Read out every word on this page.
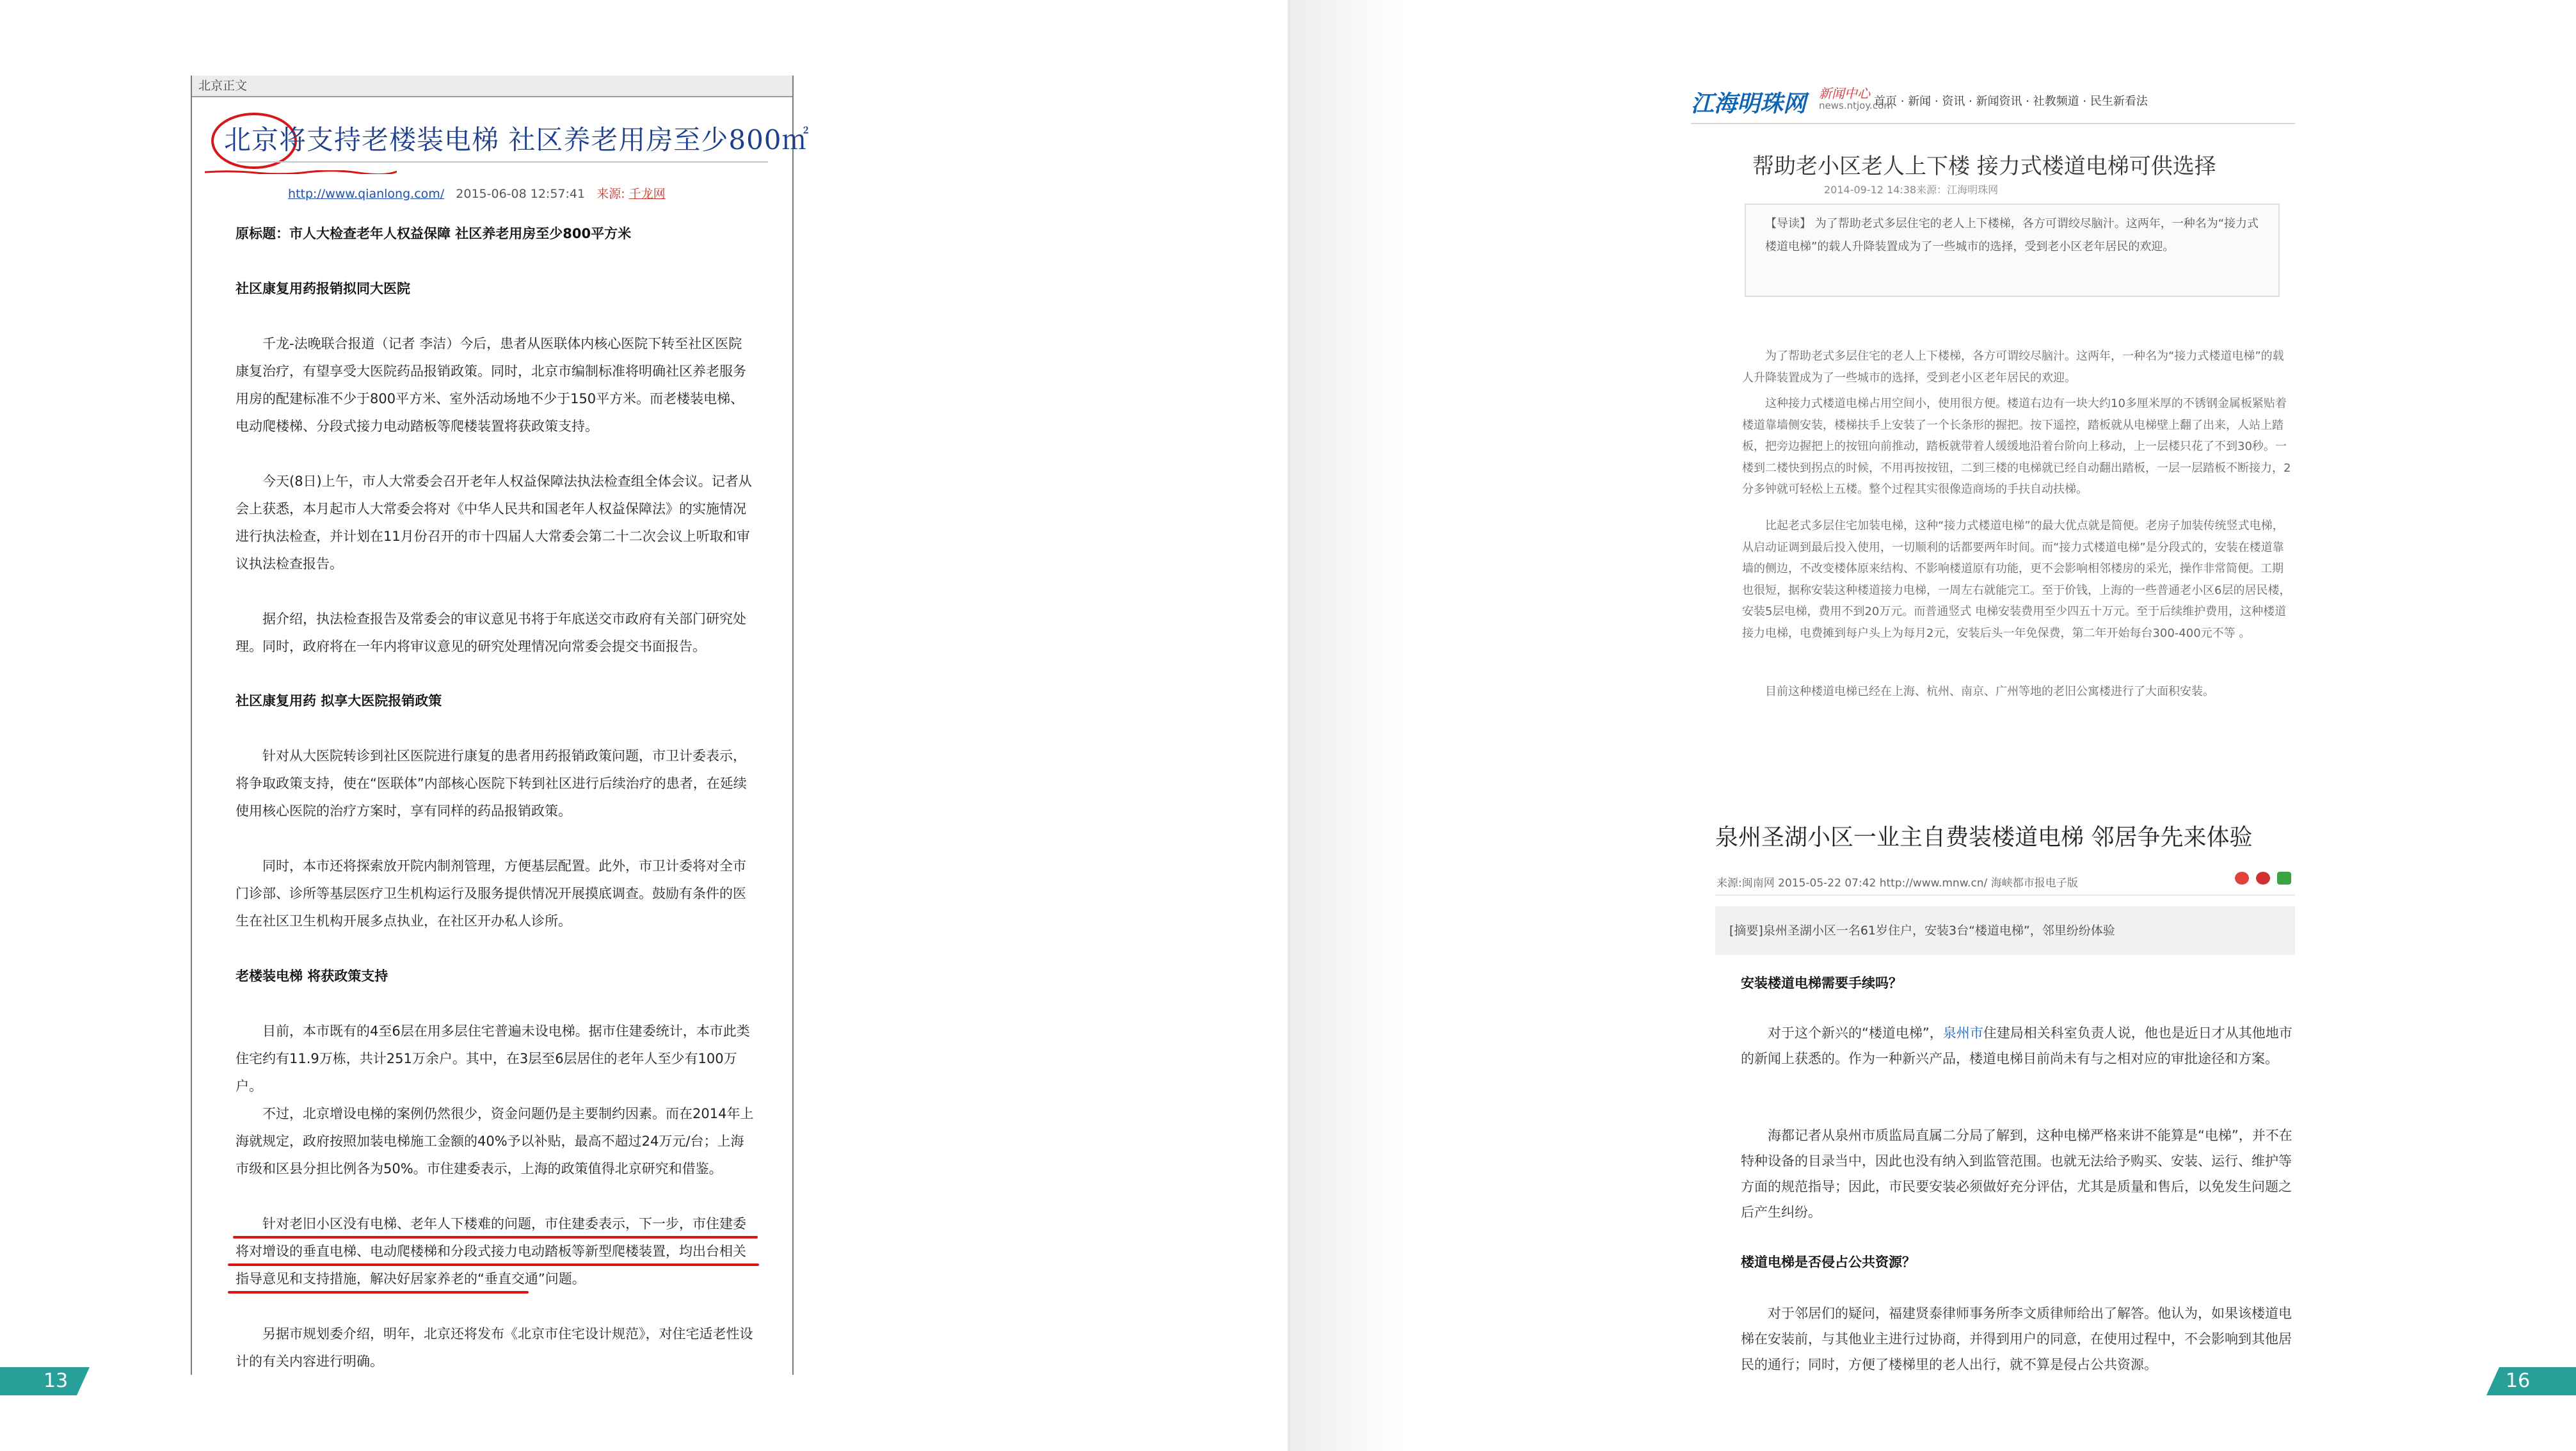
北京正文
北京将支持老楼装电梯 社区养老用房至少800㎡
http://www.qianlong.com/ 2015-06-08 12:57:41 来源: 千龙网
原标题：市人大检查老年人权益保障 社区养老用房至少800平方米
社区康复用药报销拟同大医院
千龙-法晚联合报道（记者 李洁）今后，患者从医联体内核心医院下转至社区医院康复治疗，有望享受大医院药品报销政策。同时，北京市编制标准将明确社区养老服务用房的配建标准不少于800平方米、室外活动场地不少于150平方米。而老楼装电梯、电动爬楼梯、分段式接力电动踏板等爬楼装置将获政策支持。
今天(8日)上午，市人大常委会召开老年人权益保障法执法检查组全体会议。记者从会上获悉，本月起市人大常委会将对《中华人民共和国老年人权益保障法》的实施情况进行执法检查，并计划在11月份召开的市十四届人大常委会第二十二次会议上听取和审议执法检查报告。
据介绍，执法检查报告及常委会的审议意见书将于年底送交市政府有关部门研究处理。同时，政府将在一年内将审议意见的研究处理情况向常委会提交书面报告。
社区康复用药 拟享大医院报销政策
针对从大医院转诊到社区医院进行康复的患者用药报销政策问题，市卫计委表示，将争取政策支持，使在“医联体”内部核心医院下转到社区进行后续治疗的患者，在延续使用核心医院的治疗方案时，享有同样的药品报销政策。
同时，本市还将探索放开院内制剂管理，方便基层配置。此外，市卫计委将对全市门诊部、诊所等基层医疗卫生机构运行及服务提供情况开展摸底调查。鼓励有条件的医生在社区卫生机构开展多点执业，在社区开办私人诊所。
老楼装电梯 将获政策支持
目前，本市既有的4至6层在用多层住宅普遍未设电梯。据市住建委统计，本市此类住宅约有11.9万栋，共计251万余户。其中，在3层至6层居住的老年人至少有100万户。
不过，北京增设电梯的案例仍然很少，资金问题仍是主要制约因素。而在2014年上海就规定，政府按照加装电梯施工金额的40%予以补贴，最高不超过24万元/台；上海市级和区县分担比例各为50%。市住建委表示，上海的政策值得北京研究和借鉴。
针对老旧小区没有电梯、老年人下楼难的问题，市住建委表示，下一步，市住建委将对增设的垂直电梯、电动爬楼梯和分段式接力电动踏板等新型爬楼装置，均出台相关指导意见和支持措施，解决好居家养老的“垂直交通”问题。
另据市规划委介绍，明年，北京还将发布《北京市住宅设计规范》，对住宅适老性设计的有关内容进行明确。
13
江海明珠网 新闻中心
news.ntjoy.com
首页 · 新闻 · 资讯 · 新闻资讯 · 社教频道 · 民生新看法
帮助老小区老人上下楼 接力式楼道电梯可供选择
2014-09-12 14:38来源：江海明珠网
【导读】 为了帮助老式多层住宅的老人上下楼梯，各方可谓绞尽脑汁。这两年，一种名为“接力式楼道电梯”的载人升降装置成为了一些城市的选择，受到老小区老年居民的欢迎。
为了帮助老式多层住宅的老人上下楼梯，各方可谓绞尽脑汁。这两年，一种名为“接力式楼道电梯”的载人升降装置成为了一些城市的选择，受到老小区老年居民的欢迎。
这种接力式楼道电梯占用空间小，使用很方便。楼道右边有一块大约10多厘米厚的不锈钢金属板紧贴着楼道靠墙侧安装，楼梯扶手上安装了一个长条形的握把。按下遥控，踏板就从电梯壁上翻了出来，人站上踏板，把旁边握把上的按钮向前推动，踏板就带着人缓缓地沿着台阶向上移动，上一层楼只花了不到30秒。一楼到二楼快到拐点的时候，不用再按按钮，二到三楼的电梯就已经自动翻出踏板，一层一层踏板不断接力，2分多钟就可轻松上五楼。整个过程其实很像造商场的手扶自动扶梯。
比起老式多层住宅加装电梯，这种“接力式楼道电梯”的最大优点就是简便。老房子加装传统竖式电梯，从启动证调到最后投入使用，一切顺利的话都要两年时间。而“接力式楼道电梯”是分段式的，安装在楼道靠墙的侧边，不改变楼体原来结构、不影响楼道原有功能，更不会影响相邻楼房的采光，操作非常简便。工期也很短，据称安装这种楼道接力电梯，一周左右就能完工。至于价钱，上海的一些普通老小区6层的居民楼，安装5层电梯，费用不到20万元。而普通竖式 电梯安装费用至少四五十万元。至于后续维护费用，这种楼道接力电梯，电费摊到每户头上为每月2元，安装后头一年免保费，第二年开始每台300-400元不等 。
目前这种楼道电梯已经在上海、杭州、南京、广州等地的老旧公寓楼进行了大面积安装。
泉州圣湖小区一业主自费装楼道电梯 邻居争先来体验
来源:闽南网 2015-05-22 07:42 http://www.mnw.cn/ 海峡都市报电子版

[摘要]泉州圣湖小区一名61岁住户，安装3台“楼道电梯”，邻里纷纷体验
安装楼道电梯需要手续吗？
对于这个新兴的“楼道电梯”，泉州市住建局相关科室负责人说，他也是近日才从其他地市的新闻上获悉的。作为一种新兴产品，楼道电梯目前尚未有与之相对应的审批途径和方案。
海都记者从泉州市质监局直属二分局了解到，这种电梯严格来讲不能算是“电梯”，并不在特种设备的目录当中，因此也没有纳入到监管范围。也就无法给予购买、安装、运行、维护等方面的规范指导；因此，市民要安装必须做好充分评估，尤其是质量和售后，以免发生问题之后产生纠纷。
楼道电梯是否侵占公共资源？
对于邻居们的疑问，福建贤泰律师事务所李文质律师给出了解答。他认为，如果该楼道电梯在安装前，与其他业主进行过协商，并得到用户的同意，在使用过程中，不会影响到其他居民的通行；同时，方便了楼梯里的老人出行，就不算是侵占公共资源。
16
